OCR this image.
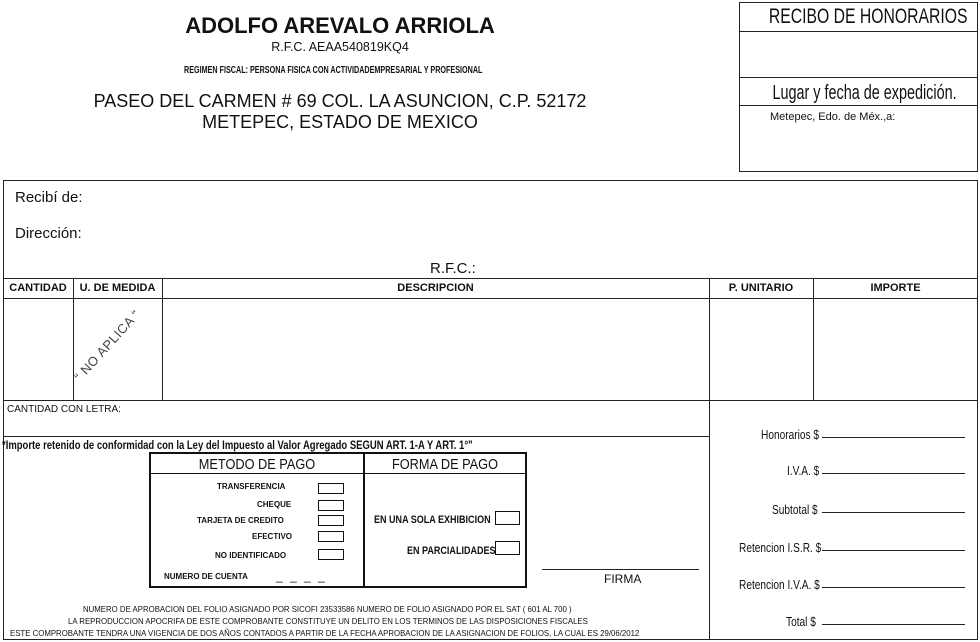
ADOLFO AREVALO ARRIOLA
R.F.C. AEAA540819KQ4
REGIMEN FISCAL: PERSONA FISICA CON ACTIVIDADEMPRESARIAL Y PROFESIONAL
PASEO DEL CARMEN # 69 COL. LA ASUNCION, C.P. 52172
METEPEC, ESTADO DE MEXICO
RECIBO DE HONORARIOS
Lugar y fecha de expedición.
Metepec, Edo. de Méx.,a:
Recibí de:
Dirección:
R.F.C.:
CANTIDAD	U. DE MEDIDA	DESCRIPCION	P. UNITARIO	IMPORTE
“ NO APLICA “
CANTIDAD CON LETRA:
*Importe retenido de conformidad con la Ley del Impuesto al Valor Agregado SEGUN ART. 1-A Y ART. 1°"
METODO DE PAGO	FORMA DE PAGO
TRANSFERENCIA
CHEQUE
TARJETA DE CREDITO
EFECTIVO
NO IDENTIFICADO
NUMERO DE CUENTA _ _ _ _
EN UNA SOLA EXHIBICION
EN PARCIALIDADES
FIRMA
Honorarios $
I.V.A. $
Subtotal $
Retencion I.S.R. $
Retencion I.V.A. $
Total $
NUMERO DE APROBACION DEL FOLIO ASIGNADO POR SICOFI 23533586 NUMERO DE FOLIO ASIGNADO POR EL SAT ( 601 AL 700 )
LA REPRODUCCION APOCRIFA DE ESTE COMPROBANTE CONSTITUYE UN DELITO EN LOS TERMINOS DE LAS DISPOSICIONES FISCALES
ESTE COMPROBANTE TENDRA UNA VIGENCIA DE DOS AÑOS CONTADOS A PARTIR DE LA FECHA APROBACION DE LA ASIGNACION DE FOLIOS, LA CUAL ES 29/06/2012
